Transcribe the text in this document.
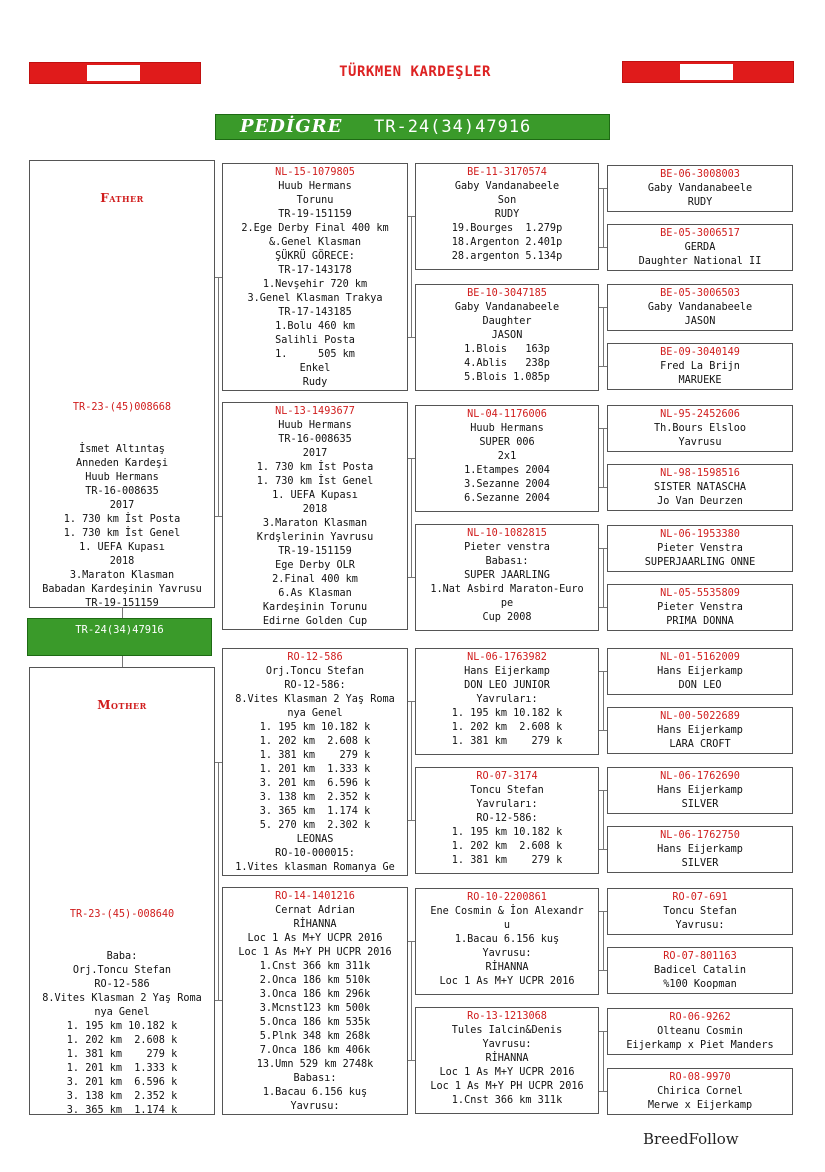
TÜRKMEN KARDEŞLER
PEDİGRE TR-24(34)47916

Father

TR-23-(45)008668

İsmet Altıntaş
Anneden Kardeşi
Huub Hermans
TR-16-008635
2017
1. 730 km İst Posta
1. 730 km İst Genel
1. UEFA Kupası
2018
3.Maraton Klasman
Babadan Kardeşinin Yavrusu
TR-19-151159

TR-24(34)47916

Mother

TR-23-(45)-008640

Baba:
Orj.Toncu Stefan
RO-12-586
8.Vites Klasman 2 Yaş Roma
nya Genel
1. 195 km 10.182 k
1. 202 km  2.608 k
1. 381 km    279 k
1. 201 km  1.333 k
3. 201 km  6.596 k
3. 138 km  2.352 k
3. 365 km  1.174 k

NL-15-1079805
Huub Hermans
Torunu
TR-19-151159
2.Ege Derby Final 400 km
&.Genel Klasman
ŞÜKRÜ GÖRECE:
TR-17-143178
1.Nevşehir 720 km
3.Genel Klasman Trakya
TR-17-143185
1.Bolu 460 km
Salihli Posta
1.     505 km
Enkel
Rudy
NL-13-1493677
Huub Hermans
TR-16-008635
2017
1. 730 km İst Posta
1. 730 km İst Genel
1. UEFA Kupası
2018
3.Maraton Klasman
Krdşlerinin Yavrusu
TR-19-151159
Ege Derby OLR
2.Final 400 km
6.As Klasman
Kardeşinin Torunu
Edirne Golden Cup
RO-12-586
Orj.Toncu Stefan
RO-12-586:
8.Vites Klasman 2 Yaş Roma
nya Genel
1. 195 km 10.182 k
1. 202 km  2.608 k
1. 381 km    279 k
1. 201 km  1.333 k
3. 201 km  6.596 k
3. 138 km  2.352 k
3. 365 km  1.174 k
5. 270 km  2.302 k
LEONAS
RO-10-000015:
1.Vites klasman Romanya Ge
RO-14-1401216
Cernat Adrian
RİHANNA
Loc 1 As M+Y UCPR 2016
Loc 1 As M+Y PH UCPR 2016
1.Cnst 366 km 311k
2.Onca 186 km 510k
3.Onca 186 km 296k
3.Mcnst123 km 500k
5.Onca 186 km 535k
5.Plnk 348 km 268k
7.Onca 186 km 406k
13.Umn 529 km 2748k
Babası:
1.Bacau 6.156 kuş
Yavrusu:
BE-11-3170574
Gaby Vandanabeele
Son
RUDY
19.Bourges  1.279p
18.Argenton 2.401p
28.argenton 5.134p
BE-10-3047185
Gaby Vandanabeele
Daughter
JASON
1.Blois   163p
4.Ablis   238p
5.Blois 1.085p
NL-04-1176006
Huub Hermans
SUPER 006
2x1
1.Etampes 2004
3.Sezanne 2004
6.Sezanne 2004
NL-10-1082815
Pieter venstra
Babası:
SUPER JAARLING
1.Nat Asbird Maraton-Euro
pe
Cup 2008
NL-06-1763982
Hans Eijerkamp
DON LEO JUNIOR
Yavruları:
1. 195 km 10.182 k
1. 202 km  2.608 k
1. 381 km    279 k
RO-07-3174
Toncu Stefan
Yavruları:
RO-12-586:
1. 195 km 10.182 k
1. 202 km  2.608 k
1. 381 km    279 k
RO-10-2200861
Ene Cosmin & İon Alexandr
u
1.Bacau 6.156 kuş
Yavrusu:
RİHANNA
Loc 1 As M+Y UCPR 2016
Ro-13-1213068
Tules Ialcin&Denis
Yavrusu:
RİHANNA
Loc 1 As M+Y UCPR 2016
Loc 1 As M+Y PH UCPR 2016
1.Cnst 366 km 311k
BE-06-3008003
Gaby Vandanabeele
RUDY
BE-05-3006517
GERDA
Daughter National II
BE-05-3006503
Gaby Vandanabeele
JASON
BE-09-3040149
Fred La Brijn
MARUEKE
NL-95-2452606
Th.Bours Elsloo
Yavrusu
NL-98-1598516
SISTER NATASCHA
Jo Van Deurzen
NL-06-1953380
Pieter Venstra
SUPERJAARLING ONNE
NL-05-5535809
Pieter Venstra
PRIMA DONNA
NL-01-5162009
Hans Eijerkamp
DON LEO
NL-00-5022689
Hans Eijerkamp
LARA CROFT
NL-06-1762690
Hans Eijerkamp
SILVER
NL-06-1762750
Hans Eijerkamp
SILVER
RO-07-691
Toncu Stefan
Yavrusu:
RO-07-801163
Badicel Catalin
%100 Koopman
RO-06-9262
Olteanu Cosmin
Eijerkamp x Piet Manders
RO-08-9970
Chirica Cornel
Merwe x Eijerkamp
BreedFollow
